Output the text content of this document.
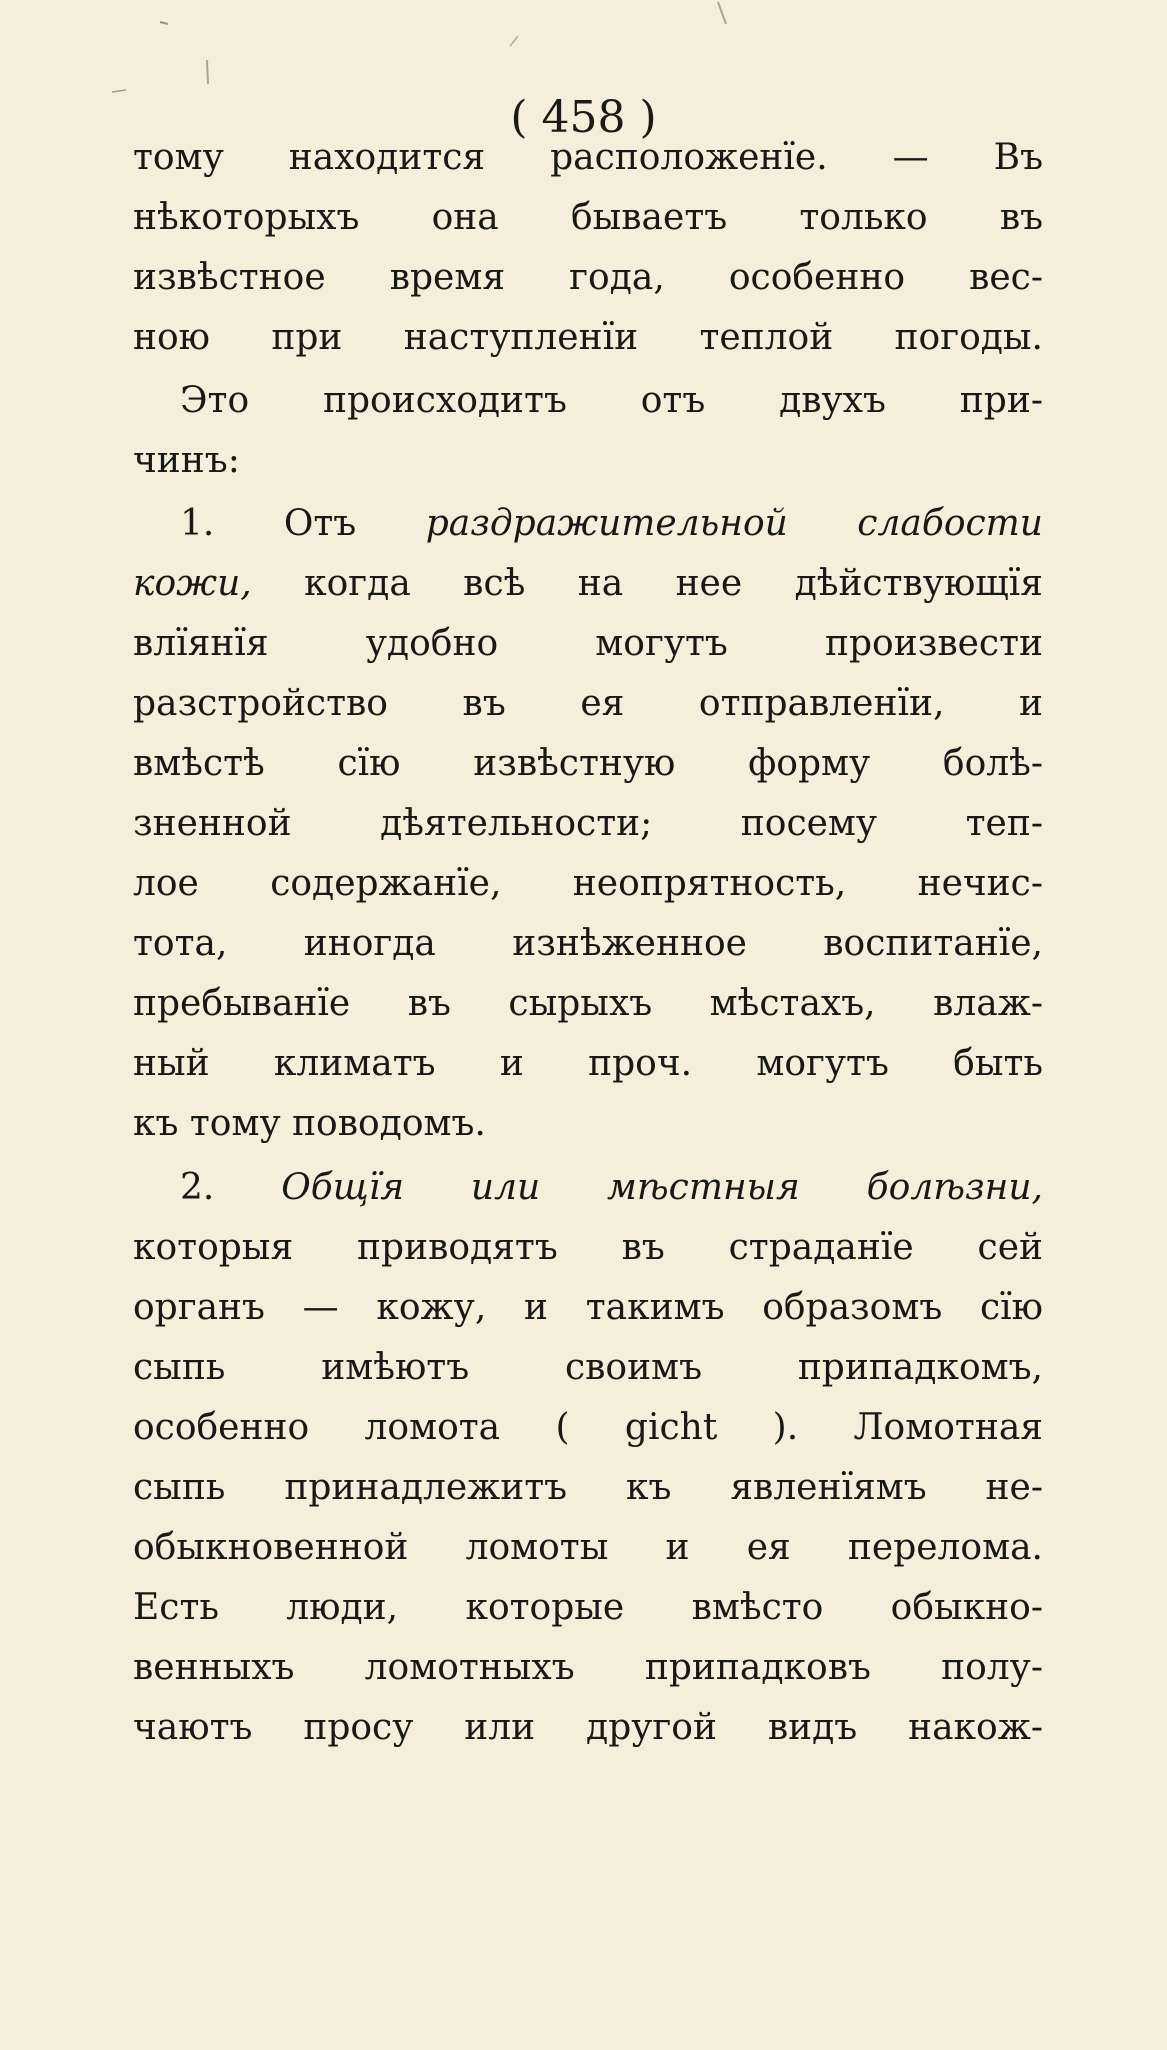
( 458 )
тому находится расположенїе. — Въ
нѣкоторыхъ она бываетъ только въ
извѣстное время года, особенно вес-
ною при наступленїи теплой погоды.
Это происходитъ отъ двухъ при-
чинъ:
1. Отъ раздражительной слабости
кожи, когда всѣ на нее дѣйствующїя
влїянїя удобно могутъ произвести
разстройство въ ея отправленїи, и
вмѣстѣ сїю извѣстную форму болѣ-
зненной дѣятельности; посему теп-
лое содержанїе, неопрятность, нечис-
тота, иногда изнѣженное воспитанїе,
пребыванїе въ сырыхъ мѣстахъ, влаж-
ный климатъ и проч. могутъ быть
къ тому поводомъ.
2. Общїя или мѣстныя болѣзни,
которыя приводятъ въ страданїе сей
органъ — кожу, и такимъ образомъ сїю
сыпь имѣютъ своимъ припадкомъ,
особенно ломота ( gicht ). Ломотная
сыпь принадлежитъ къ явленїямъ не-
обыкновенной ломоты и ея перелома.
Есть люди, которые вмѣсто обыкно-
венныхъ ломотныхъ припадковъ полу-
чаютъ просу или другой видъ накож-
